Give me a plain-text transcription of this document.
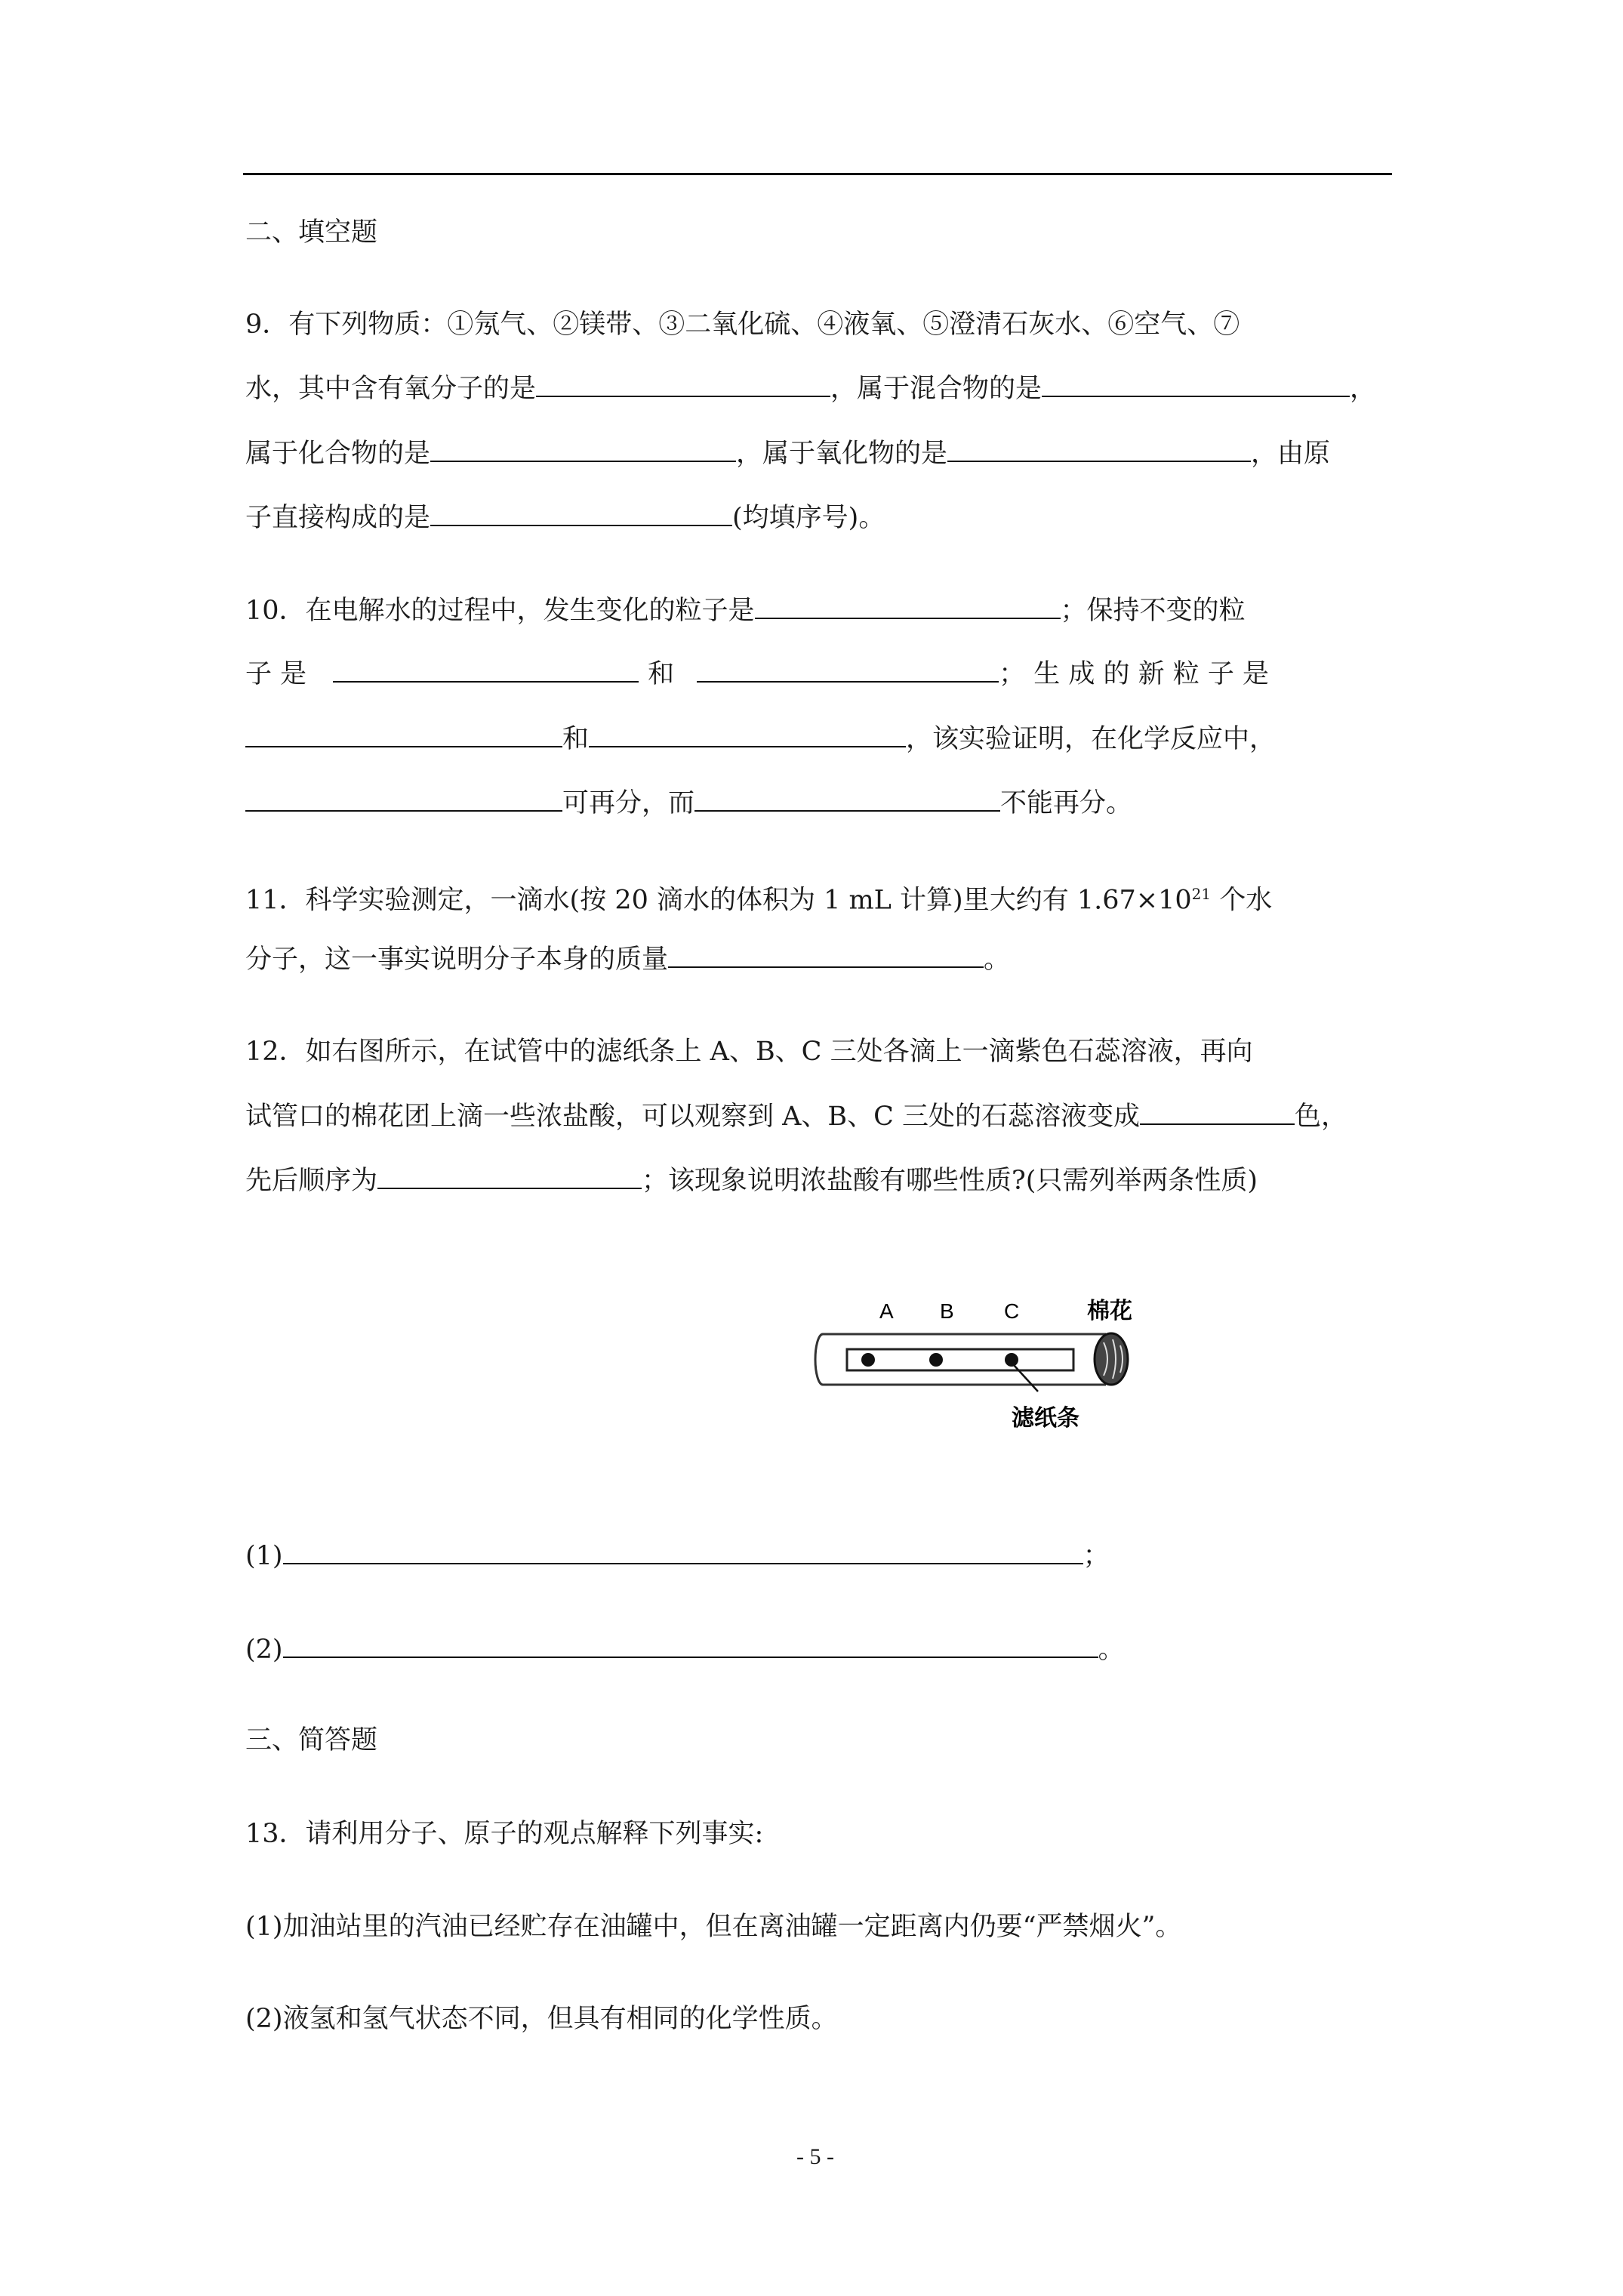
二、填空题
9．有下列物质：①氖气、②镁带、③二氧化硫、④液氧、⑤澄清石灰水、⑥空气、⑦
水，其中含有氧分子的是	，属于混合物的是	，
属于化合物的是	，属于氧化物的是	，由原
子直接构成的是	(均填序号)。
10．在电解水的过程中，发生变化的粒子是	；保持不变的粒
子 是	和	； 生 成 的 新 粒 子 是
和	，该实验证明，在化学反应中，
可再分，而	不能再分。
11．科学实验测定，一滴水(按 20 滴水的体积为 1 mL 计算)里大约有 $1.67\times 10^{21}$ 个水
分子，这一事实说明分子本身的质量	。
12．如右图所示，在试管中的滤纸条上 A、B、C 三处各滴上一滴紫色石蕊溶液，再向
试管口的棉花团上滴一些浓盐酸，可以观察到 A、B、C 三处的石蕊溶液变成	色，
先后顺序为	；该现象说明浓盐酸有哪些性质?(只需列举两条性质)
A B C	棉花
滤纸条
(1)	；
(2)	。
三、简答题
13．请利用分子、原子的观点解释下列事实:
(1)加油站里的汽油已经贮存在油罐中，但在离油罐一定距离内仍要“严禁烟火”。
(2)液氢和氢气状态不同，但具有相同的化学性质。
- 5 -
